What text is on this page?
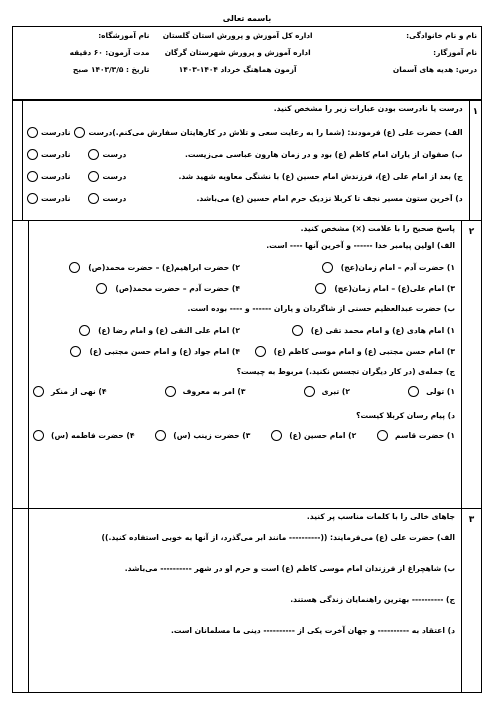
باسمه تعالی
نام و نام خانوادگی:
نام آموزگار:
درس: هدیه های آسمان
اداره کل آموزش و پرورش استان گلستان
اداره آموزش و پرورش شهرستان گرگان
آزمون هماهنگ خرداد ۱۴۰۴-۱۴۰۳
نام آموزشگاه:
مدت آزمون: ۶۰ دقیقه
تاریخ : ۱۴۰۳/۳/۵ صبح
۱
درست یا نادرست بودن عبارات زیر را مشخص کنید.
الف) حضرت علی (ع) فرمودند: (شما را به رعایت سعی و تلاش در کارهایتان سفارش می‌کنم.)
درست
نادرست
ب) صفوان از یاران امام کاظم (ع) بود و در زمان هارون عباسی می‌زیست.
درست
نادرست
ج) بعد از امام علی (ع)، فرزندش امام حسین (ع) با نشنگی معاویه شهید شد.
درست
نادرست
د) آخرین ستون مسیر نجف تا کربلا نزدیک حرم امام حسین (ع) می‌باشد.
درست
نادرست
۲
پاسخ صحیح را با علامت (×) مشخص کنید.
الف) اولین پیامبر خدا ------ و آخرین آنها ---- است.
۱) حضرت آدم – امام زمان(عج)
۲) حضرت ابراهیم(ع) – حضرت محمد(ص)
۳) امام علی(ع) – امام زمان(عج)
۴) حضرت آدم – حضرت محمد(ص)
ب) حضرت عبدالعظیم حسنی از شاگردان و یاران ------ و ---- بوده است.
۱) امام هادی (ع) و امام محمد تقی (ع)
۲) امام علی النقی (ع) و امام رضا (ع)
۳) امام حسن مجتبی (ع) و امام موسی کاظم (ع)
۴) امام جواد (ع) و امام حسن مجتبی (ع)
ج) جمله‌ی (در کار دیگران تجسس نکنید.) مربوط به چیست؟
۱) تولی
۲) تبری
۳) امر به معروف
۴) نهی از منکر
د) پیام رسان کربلا کیست؟
۱) حضرت قاسم
۲) امام حسین (ع)
۳) حضرت زینب (س)
۴) حضرت فاطمه (س)
۳
جاهای خالی را با کلمات مناسب پر کنید.
الف) حضرت علی (ع) می‌فرمایند: ((---------- مانند ابر می‌گذرد، از آنها به خوبی استفاده کنید.))
ب) شاهچراغ از فرزندان امام موسی کاظم (ع) است و حرم او در شهر ---------- می‌باشد.
ج) ---------- بهترین راهنمایان زندگی هستند.
د) اعتقاد به ---------- و جهان آخرت یکی از ---------- دینی ما مسلمانان است.
